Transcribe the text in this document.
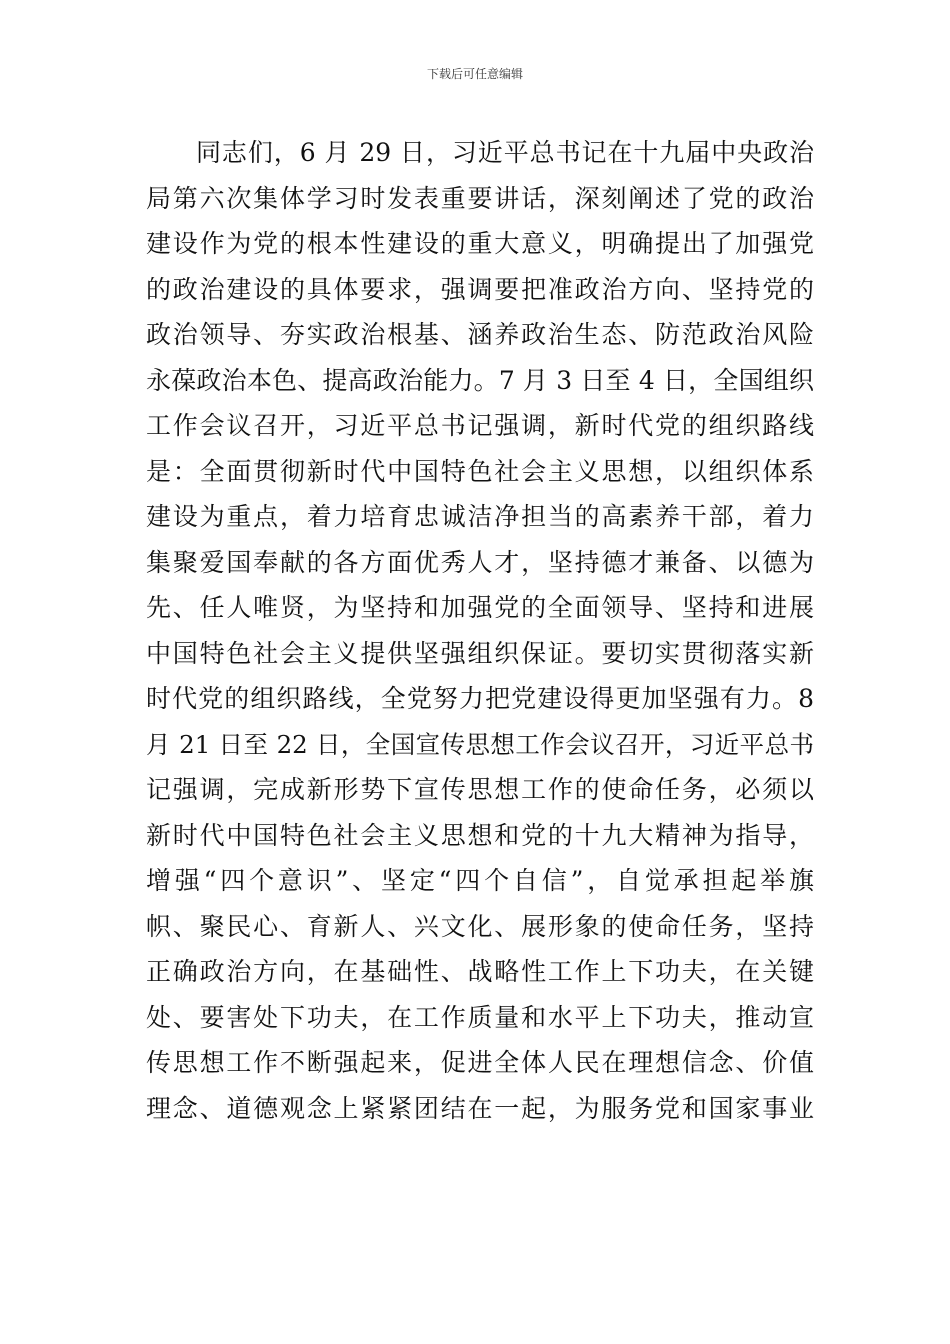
下载后可任意编辑
同志们，6 月 29 日，习近平总书记在十九届中央政治
局第六次集体学习时发表重要讲话，深刻阐述了党的政治
建设作为党的根本性建设的重大意义，明确提出了加强党
的政治建设的具体要求，强调要把准政治方向、坚持党的
政治领导、夯实政治根基、涵养政治生态、防范政治风险
永葆政治本色、提高政治能力。7 月 3 日至 4 日，全国组织
工作会议召开，习近平总书记强调，新时代党的组织路线
是：全面贯彻新时代中国特色社会主义思想，以组织体系
建设为重点，着力培育忠诚洁净担当的高素养干部，着力
集聚爱国奉献的各方面优秀人才，坚持德才兼备、以德为
先、任人唯贤，为坚持和加强党的全面领导、坚持和进展
中国特色社会主义提供坚强组织保证。要切实贯彻落实新
时代党的组织路线，全党努力把党建设得更加坚强有力。8
月 21 日至 22 日，全国宣传思想工作会议召开，习近平总书
记强调，完成新形势下宣传思想工作的使命任务，必须以
新时代中国特色社会主义思想和党的十九大精神为指导，
增强“四个意识”、坚定“四个自信”，自觉承担起举旗
帜、聚民心、育新人、兴文化、展形象的使命任务，坚持
正确政治方向，在基础性、战略性工作上下功夫，在关键
处、要害处下功夫，在工作质量和水平上下功夫，推动宣
传思想工作不断强起来，促进全体人民在理想信念、价值
理念、道德观念上紧紧团结在一起，为服务党和国家事业
